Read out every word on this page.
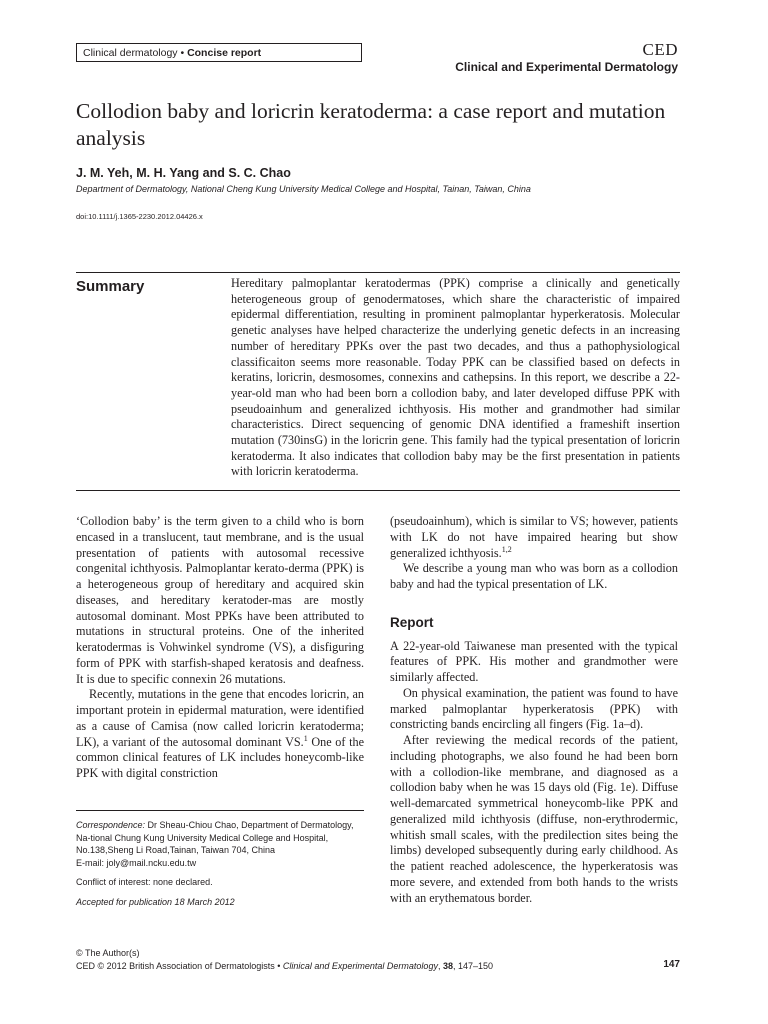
Clinical dermatology • Concise report	CED
Clinical and Experimental Dermatology
Collodion baby and loricrin keratoderma: a case report and mutation analysis
J. M. Yeh, M. H. Yang and S. C. Chao
Department of Dermatology, National Cheng Kung University Medical College and Hospital, Tainan, Taiwan, China
doi:10.1111/j.1365-2230.2012.04426.x
Summary	Hereditary palmoplantar keratodermas (PPK) comprise a clinically and genetically heterogeneous group of genodermatoses, which share the characteristic of impaired epidermal differentiation, resulting in prominent palmoplantar hyperkeratosis. Molecular genetic analyses have helped characterize the underlying genetic defects in an increasing number of hereditary PPKs over the past two decades, and thus a pathophysiological classificaiton seems more reasonable. Today PPK can be classified based on defects in keratins, loricrin, desmosomes, connexins and cathepsins. In this report, we describe a 22-year-old man who had been born a collodion baby, and later developed diffuse PPK with pseudoainhum and generalized ichthyosis. His mother and grandmother had similar characteristics. Direct sequencing of genomic DNA identified a frameshift insertion mutation (730insG) in the loricrin gene. This family had the typical presentation of loricrin keratoderma. It also indicates that collodion baby may be the first presentation in patients with loricrin keratoderma.

‘Collodion baby’ is the term given to a child who is born encased in a translucent, taut membrane, and is the usual presentation of patients with autosomal recessive congenital ichthyosis. Palmoplantar kerato-derma (PPK) is a heterogeneous group of hereditary and acquired skin diseases, and hereditary keratoder-mas are mostly autosomal dominant. Most PPKs have been attributed to mutations in structural proteins. One of the inherited keratodermas is Vohwinkel syndrome (VS), a disfiguring form of PPK with starfish-shaped keratosis and deafness. It is due to specific connexin 26 mutations.

Recently, mutations in the gene that encodes loricrin, an important protein in epidermal maturation, were identified as a cause of Camisa (now called loricrin keratoderma; LK), a variant of the autosomal dominant VS.$^1$ One of the common clinical features of LK includes honeycomb-like PPK with digital constriction

(pseudoainhum), which is similar to VS; however, patients with LK do not have impaired hearing but show generalized ichthyosis.$^{1,2}$

We describe a young man who was born as a collodion baby and had the typical presentation of LK.

Report

A 22-year-old Taiwanese man presented with the typical features of PPK. His mother and grandmother were similarly affected.

On physical examination, the patient was found to have marked palmoplantar hyperkeratosis (PPK) with constricting bands encircling all fingers (Fig. 1a–d).

After reviewing the medical records of the patient, including photographs, we also found he had been born with a collodion-like membrane, and diagnosed as a collodion baby when he was 15 days old (Fig. 1e). Diffuse well-demarcated symmetrical honeycomb-like PPK and generalized mild ichthyosis (diffuse, non-erythrodermic, whitish small scales, with the predilection sites being the limbs) developed subsequently during early childhood. As the patient reached adolescence, the hyperkeratosis was more severe, and extended from both hands to the wrists with an erythematous border.

Correspondence: Dr Sheau-Chiou Chao, Department of Dermatology, Na-tional Chung Kung University Medical College and Hospital, No.138,Sheng Li Road,Tainan, Taiwan 704, China
E-mail: joly@mail.ncku.edu.tw

Conflict of interest: none declared.

Accepted for publication 18 March 2012

© The Author(s)
CED © 2012 British Association of Dermatologists • Clinical and Experimental Dermatology, 38, 147–150	147
